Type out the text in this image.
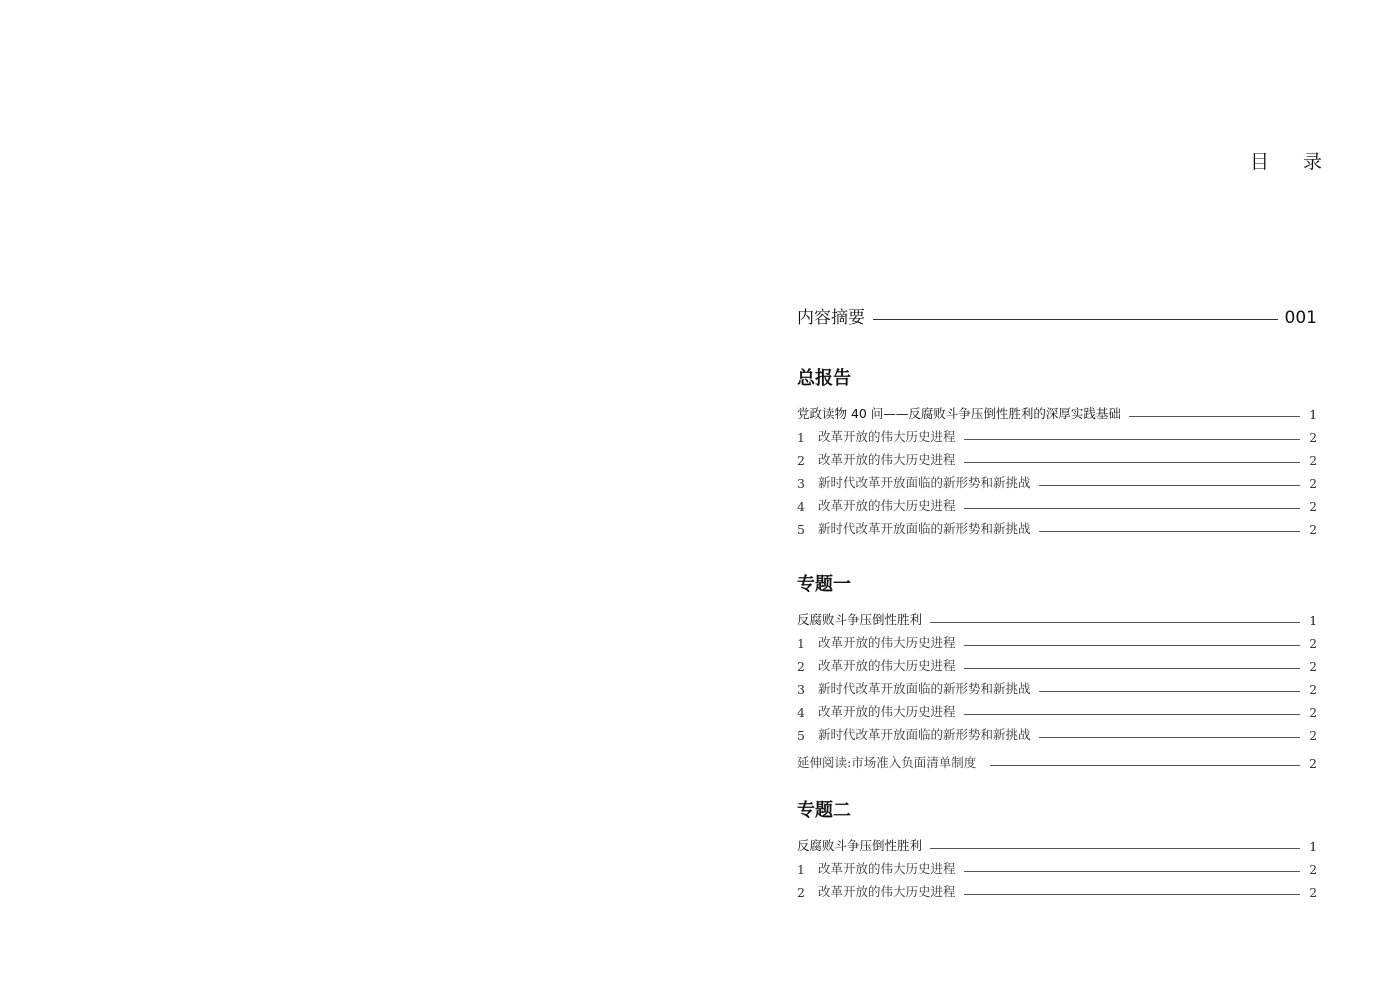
目 录
内容摘要	001
总报告
党政读物 40 问——反腐败斗争压倒性胜利的深厚实践基础	1
1	改革开放的伟大历史进程	2
2	改革开放的伟大历史进程	2
3	新时代改革开放面临的新形势和新挑战	2
4	改革开放的伟大历史进程	2
5	新时代改革开放面临的新形势和新挑战	2
专题一
反腐败斗争压倒性胜利	1
1	改革开放的伟大历史进程	2
2	改革开放的伟大历史进程	2
3	新时代改革开放面临的新形势和新挑战	2
4	改革开放的伟大历史进程	2
5	新时代改革开放面临的新形势和新挑战	2
延伸阅读:市场准入负面清单制度	2
专题二
反腐败斗争压倒性胜利	1
1	改革开放的伟大历史进程	2
2	改革开放的伟大历史进程	2
